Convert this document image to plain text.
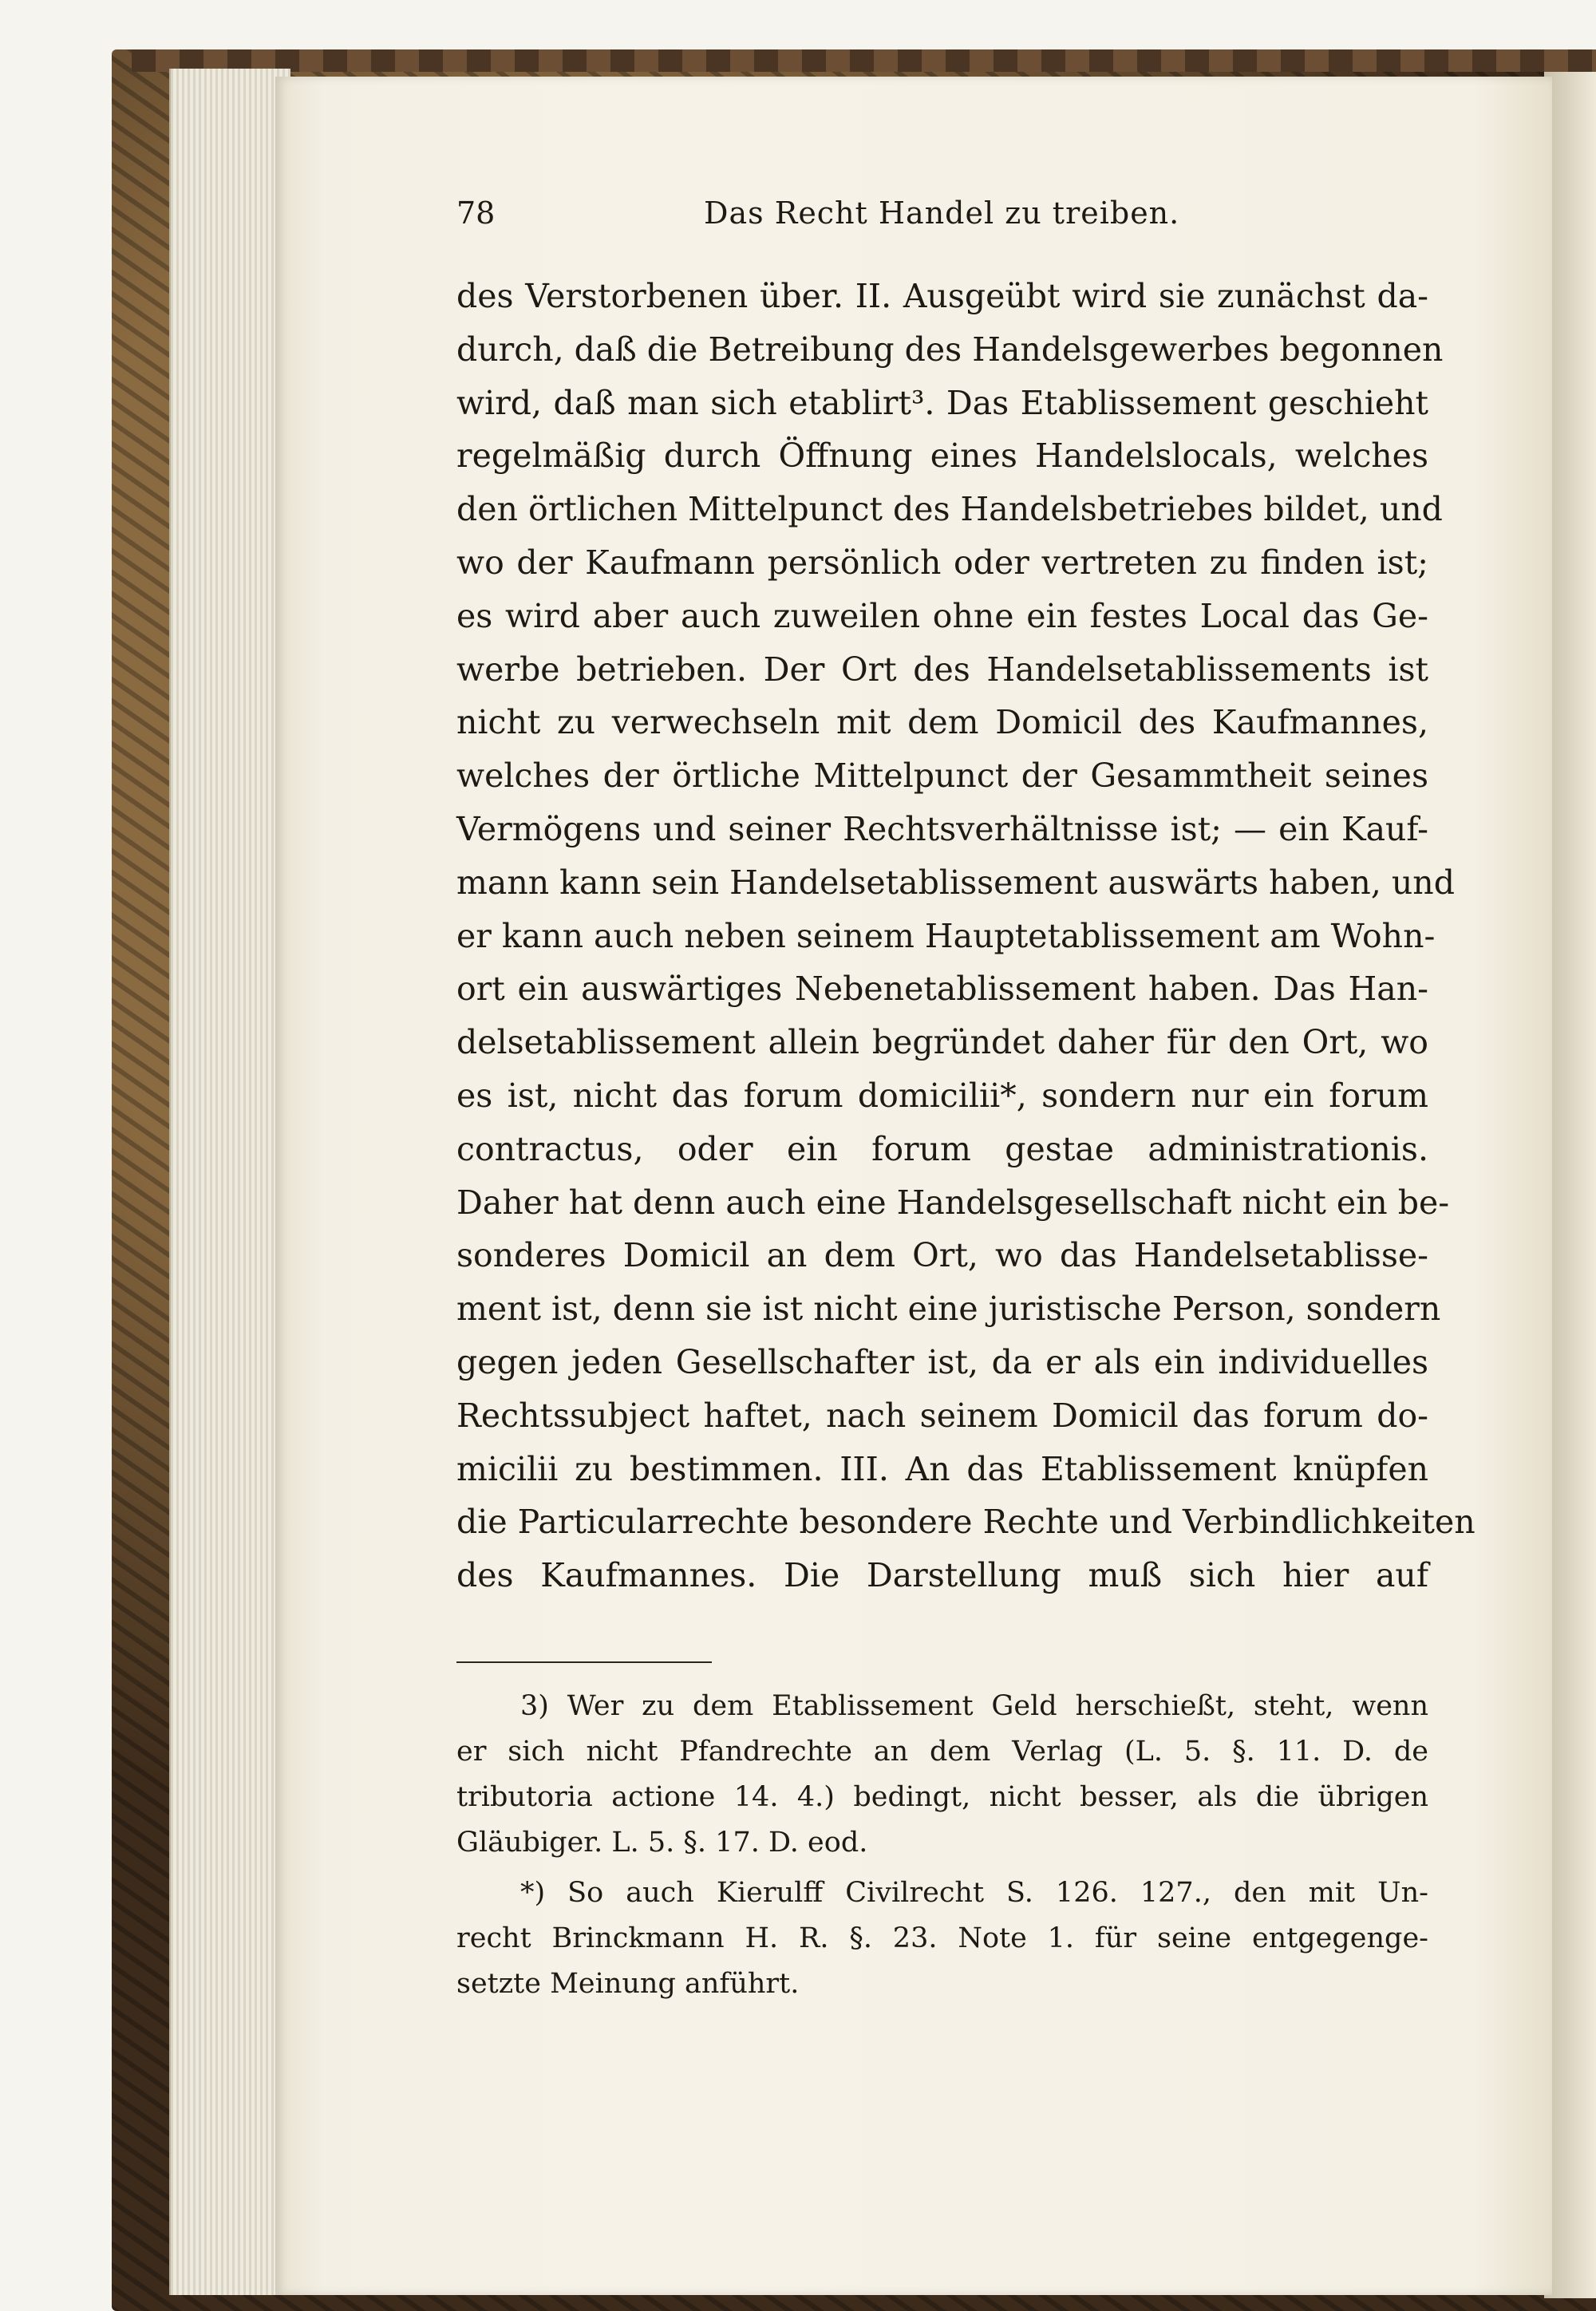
78	Das Recht Handel zu treiben.
des Verstorbenen über. II. Ausgeübt wird sie zunächst da-
durch, daß die Betreibung des Handelsgewerbes begonnen
wird, daß man sich etablirt³. Das Etablissement geschieht
regelmäßig durch Öffnung eines Handelslocals, welches
den örtlichen Mittelpunct des Handelsbetriebes bildet, und
wo der Kaufmann persönlich oder vertreten zu finden ist;
es wird aber auch zuweilen ohne ein festes Local das Ge-
werbe betrieben. Der Ort des Handelsetablissements ist
nicht zu verwechseln mit dem Domicil des Kaufmannes,
welches der örtliche Mittelpunct der Gesammtheit seines
Vermögens und seiner Rechtsverhältnisse ist; — ein Kauf-
mann kann sein Handelsetablissement auswärts haben, und
er kann auch neben seinem Hauptetablissement am Wohn-
ort ein auswärtiges Nebenetablissement haben. Das Han-
delsetablissement allein begründet daher für den Ort, wo
es ist, nicht das forum domicilii*, sondern nur ein forum
contractus, oder ein forum gestae administrationis.
Daher hat denn auch eine Handelsgesellschaft nicht ein be-
sonderes Domicil an dem Ort, wo das Handelsetablisse-
ment ist, denn sie ist nicht eine juristische Person, sondern
gegen jeden Gesellschafter ist, da er als ein individuelles
Rechtssubject haftet, nach seinem Domicil das forum do-
micilii zu bestimmen. III. An das Etablissement knüpfen
die Particularrechte besondere Rechte und Verbindlichkeiten
des Kaufmannes. Die Darstellung muß sich hier auf
3) Wer zu dem Etablissement Geld herschießt, steht, wenn
er sich nicht Pfandrechte an dem Verlag (L. 5. §. 11. D. de
tributoria actione 14. 4.) bedingt, nicht besser, als die übrigen
Gläubiger. L. 5. §. 17. D. eod.
*) So auch Kierulff Civilrecht S. 126. 127., den mit Un-
recht Brinckmann H. R. §. 23. Note 1. für seine entgegenge-
setzte Meinung anführt.
